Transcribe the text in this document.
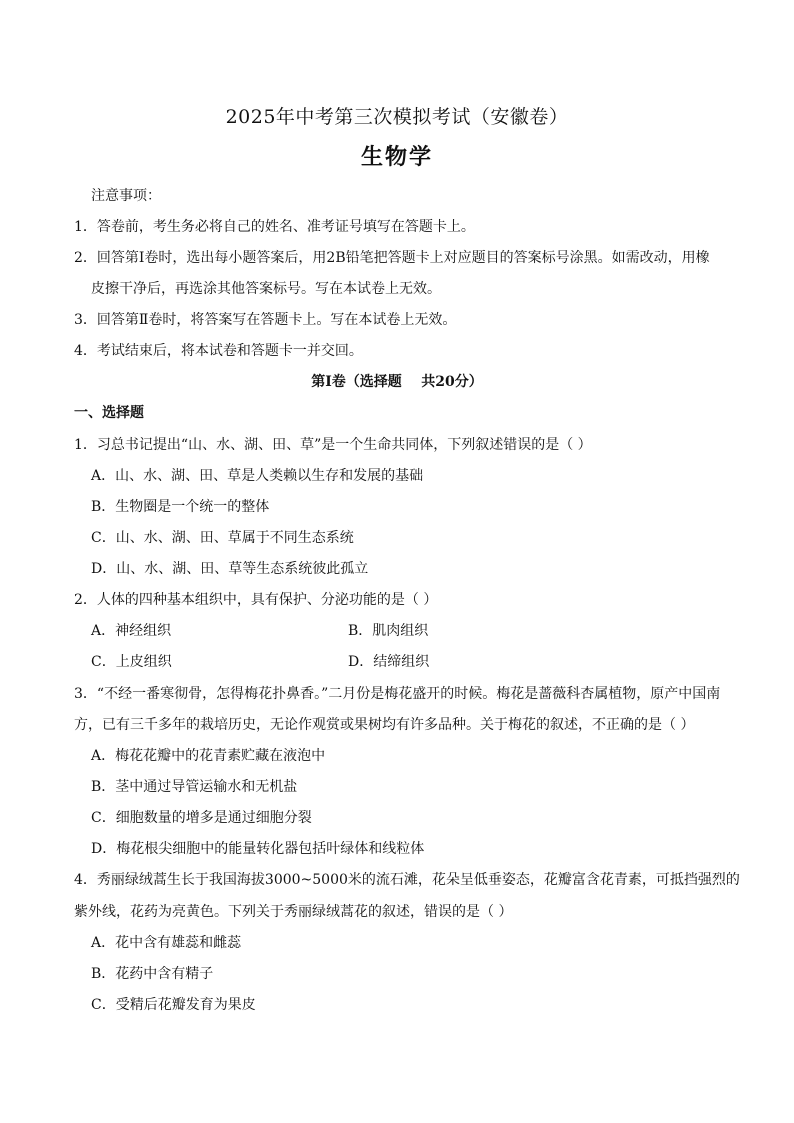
2025年中考第三次模拟考试（安徽卷）
生物学
注意事项：
1．答卷前，考生务必将自己的姓名、准考证号填写在答题卡上。
2．回答第Ⅰ卷时，选出每小题答案后，用2B铅笔把答题卡上对应题目的答案标号涂黑。如需改动，用橡
皮擦干净后，再选涂其他答案标号。写在本试卷上无效。
3．回答第Ⅱ卷时，将答案写在答题卡上。写在本试卷上无效。
4．考试结束后，将本试卷和答题卡一并交回。
第Ⅰ卷（选择题    共20分）
一、选择题
1．习总书记提出“山、水、湖、田、草”是一个生命共同体，下列叙述错误的是（ ）
A．山、水、湖、田、草是人类赖以生存和发展的基础
B．生物圈是一个统一的整体
C．山、水、湖、田、草属于不同生态系统
D．山、水、湖、田、草等生态系统彼此孤立
2．人体的四种基本组织中，具有保护、分泌功能的是（ ）
A．神经组织	B．肌肉组织
C．上皮组织	D．结缔组织
3．“不经一番寒彻骨，怎得梅花扑鼻香。”二月份是梅花盛开的时候。梅花是蔷薇科杏属植物，原产中国南
方，已有三千多年的栽培历史，无论作观赏或果树均有许多品种。关于梅花的叙述，不正确的是（ ）
A．梅花花瓣中的花青素贮藏在液泡中
B．茎中通过导管运输水和无机盐
C．细胞数量的增多是通过细胞分裂
D．梅花根尖细胞中的能量转化器包括叶绿体和线粒体
4．秀丽绿绒蒿生长于我国海拔3000~5000米的流石滩，花朵呈低垂姿态，花瓣富含花青素，可抵挡强烈的
紫外线，花药为亮黄色。下列关于秀丽绿绒蒿花的叙述，错误的是（ ）
A．花中含有雄蕊和雌蕊
B．花药中含有精子
C．受精后花瓣发育为果皮
